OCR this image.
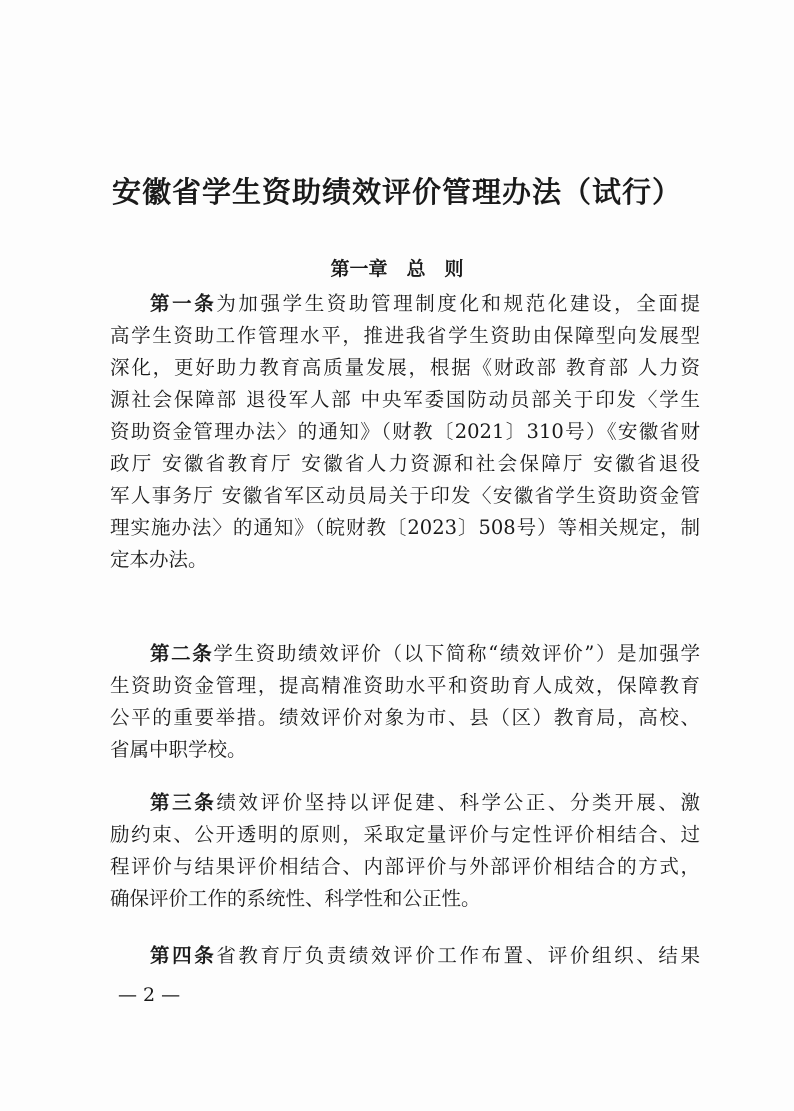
安徽省学生资助绩效评价管理办法（试行）
第一章　总　则
第一条为加强学生资助管理制度化和规范化建设，全面提
高学生资助工作管理水平，推进我省学生资助由保障型向发展型
深化，更好助力教育高质量发展，根据《财政部 教育部 人力资
源社会保障部 退役军人部 中央军委国防动员部关于印发〈学生
资助资金管理办法〉的通知》（财教〔2021〕310号）《安徽省财
政厅 安徽省教育厅 安徽省人力资源和社会保障厅 安徽省退役
军人事务厅 安徽省军区动员局关于印发〈安徽省学生资助资金管
理实施办法〉的通知》（皖财教〔2023〕508号）等相关规定，制
定本办法。
第二条学生资助绩效评价（以下简称“绩效评价”）是加强学
生资助资金管理，提高精准资助水平和资助育人成效，保障教育
公平的重要举措。绩效评价对象为市、县（区）教育局，高校、
省属中职学校。
第三条绩效评价坚持以评促建、科学公正、分类开展、激
励约束、公开透明的原则，采取定量评价与定性评价相结合、过
程评价与结果评价相结合、内部评价与外部评价相结合的方式，
确保评价工作的系统性、科学性和公正性。
第四条省教育厅负责绩效评价工作布置、评价组织、结果
— 2 —
